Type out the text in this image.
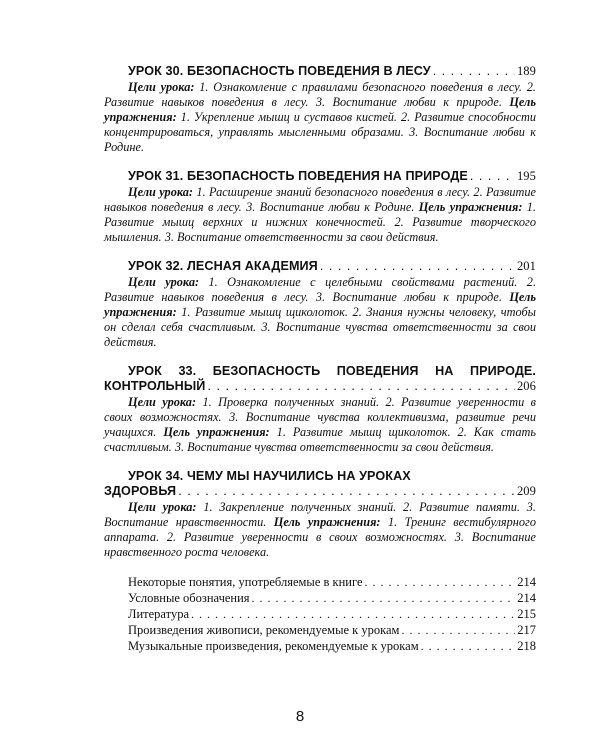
УРОК 30. БЕЗОПАСНОСТЬ ПОВЕДЕНИЯ В ЛЕСУ . . .	189
Цели урока: 1. Ознакомление с правилами безопасного поведения в лесу. 2. Развитие навыков поведения в лесу. 3. Воспитание любви к природе. Цель упражнения: 1. Укрепление мышц и суставов кистей. 2. Развитие способности концентрироваться, управлять мысленными образами. 3. Воспитание любви к Родине.
УРОК 31. БЕЗОПАСНОСТЬ ПОВЕДЕНИЯ НА ПРИРОДЕ . . .	195
Цели урока: 1. Расширение знаний безопасного поведения в лесу. 2. Развитие навыков поведения в лесу. 3. Воспитание любви к Родине. Цель упражнения: 1. Развитие мышц верхних и нижних конечностей. 2. Развитие творческого мышления. 3. Воспитание ответственности за свои действия.
УРОК 32. ЛЕСНАЯ АКАДЕМИЯ . . .	201
Цели урока: 1. Ознакомление с целебными свойствами растений. 2. Развитие навыков поведения в лесу. 3. Воспитание любви к природе. Цель упражнения: 1. Развитие мышц щиколоток. 2. Знания нужны человеку, чтобы он сделал себя счастливым. 3. Воспитание чувства ответственности за свои действия.
УРОК 33. БЕЗОПАСНОСТЬ ПОВЕДЕНИЯ НА ПРИРОДЕ.
КОНТРОЛЬНЫЙ . . .	206
Цели урока: 1. Проверка полученных знаний. 2. Развитие уверенности в своих возможностях. 3. Воспитание чувства коллективизма, развитие речи учащихся. Цель упражнения: 1. Развитие мышц щиколоток. 2. Как стать счастливым. 3. Воспитание чувства ответственности за свои действия.
УРОК 34. ЧЕМУ МЫ НАУЧИЛИСЬ НА УРОКАХ
ЗДОРОВЬЯ . . .	209
Цели урока: 1. Закрепление полученных знаний. 2. Развитие памяти. 3. Воспитание нравственности. Цель упражнения: 1. Тренинг вестибулярного аппарата. 2. Развитие уверенности в своих возможностях. 3. Воспитание нравственного роста человека.
Некоторые понятия, употребляемые в книге . . .	214
Условные обозначения . . .	214
Литература . . .	215
Произведения живописи, рекомендуемые к урокам . . .	217
Музыкальные произведения, рекомендуемые к урокам . . .	218
8
